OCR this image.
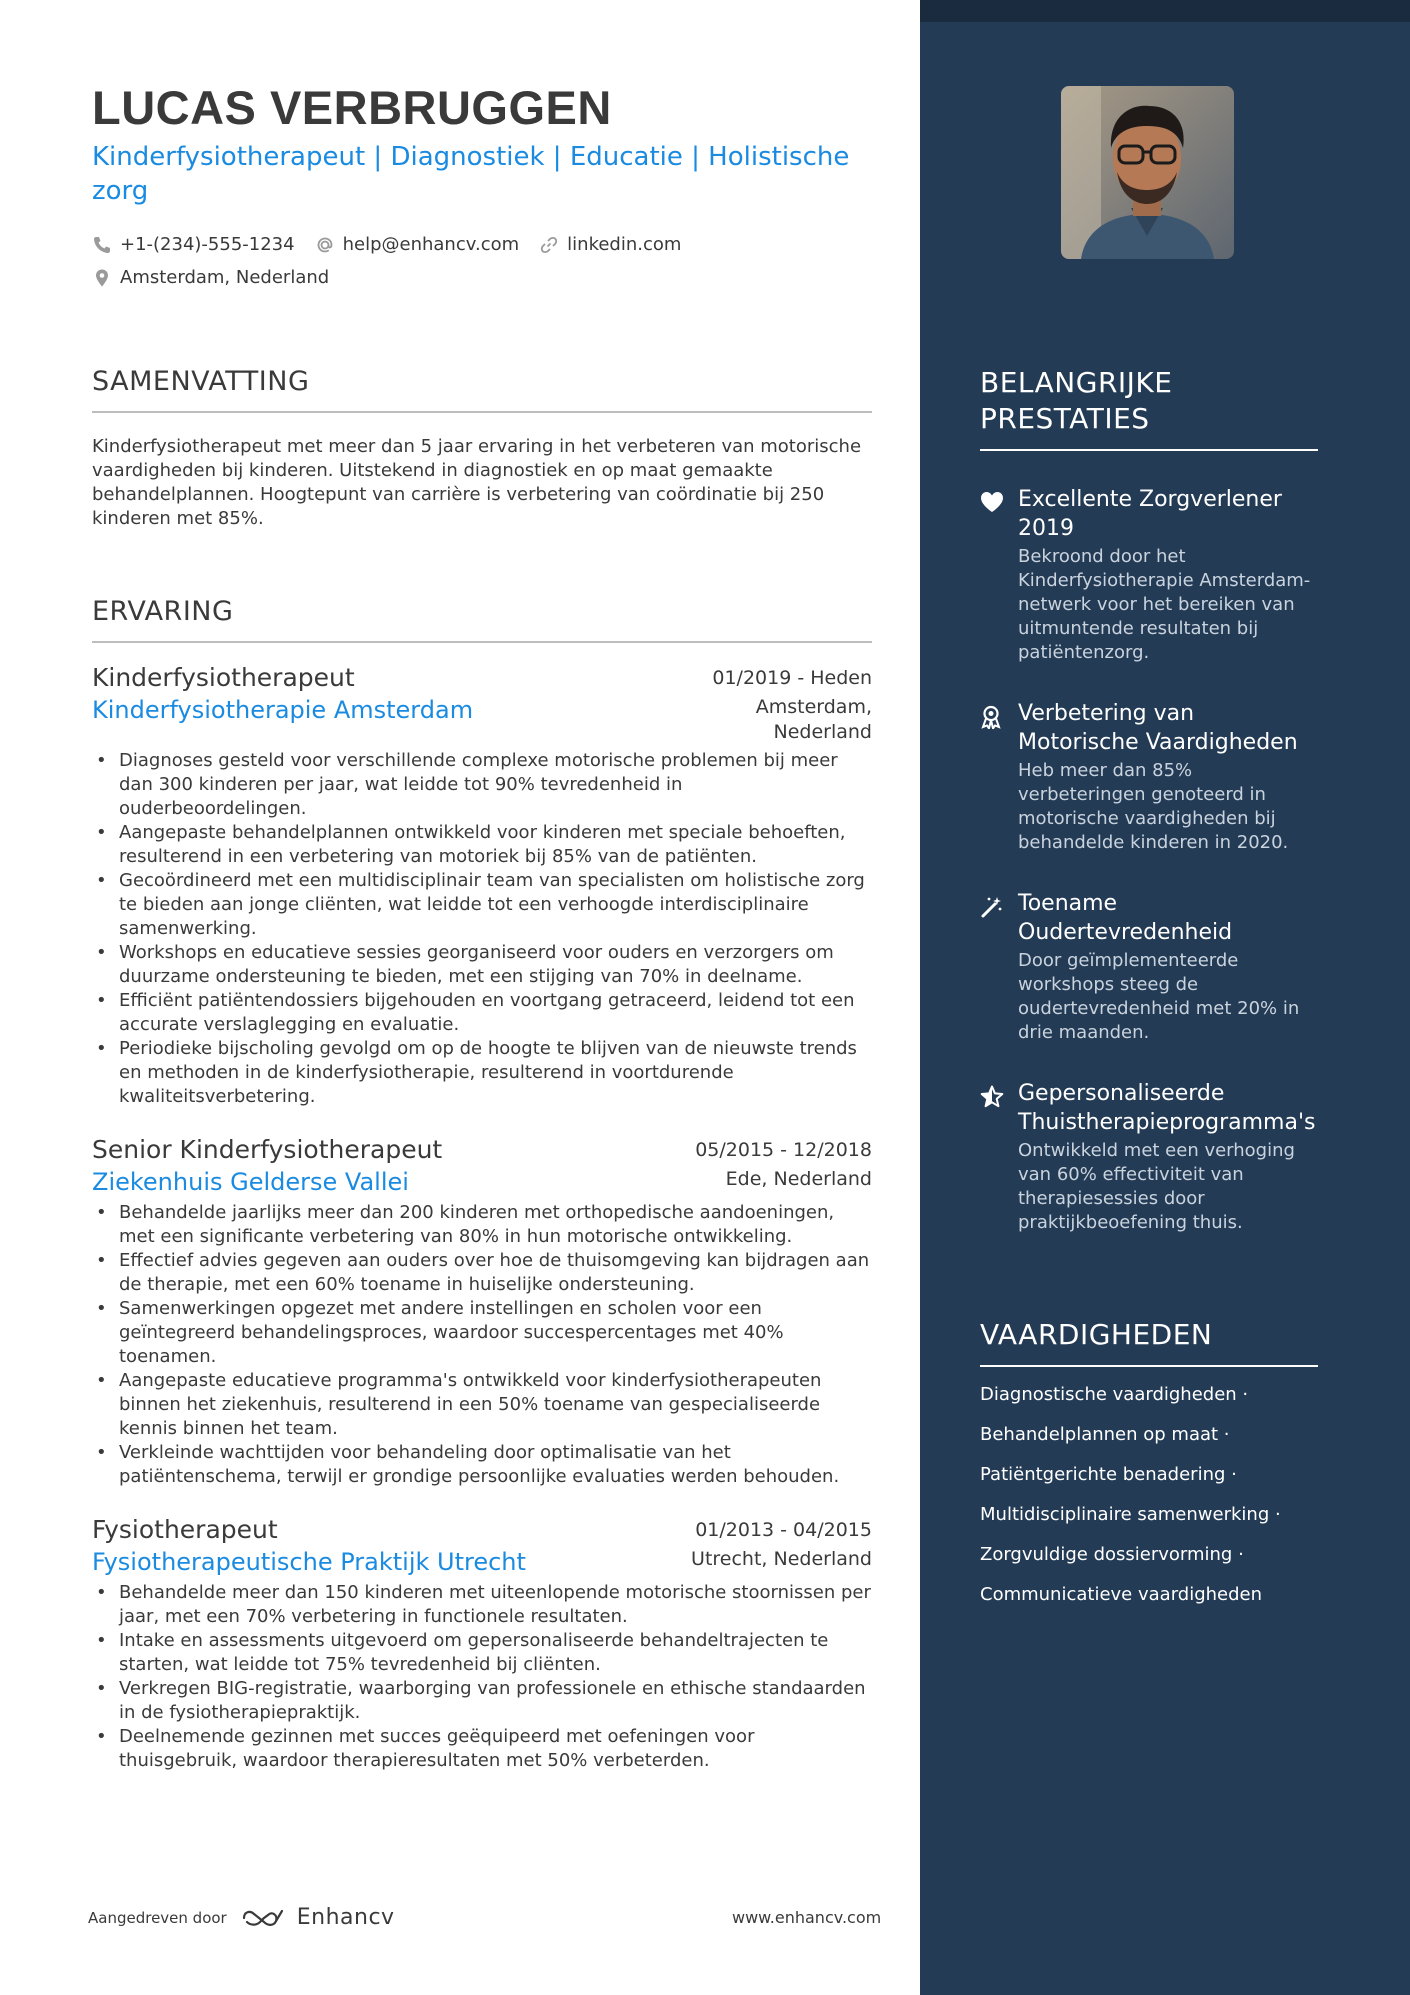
LUCAS VERBRUGGEN
Kinderfysiotherapeut | Diagnostiek | Educatie | Holistische zorg
+1-(234)-555-1234	help@enhancv.com	linkedin.com
Amsterdam, Nederland
SAMENVATTING
Kinderfysiotherapeut met meer dan 5 jaar ervaring in het verbeteren van motorische vaardigheden bij kinderen. Uitstekend in diagnostiek en op maat gemaakte behandelplannen. Hoogtepunt van carrière is verbetering van coördinatie bij 250 kinderen met 85%.
ERVARING
Kinderfysiotherapeut	01/2019 - Heden
Kinderfysiotherapie Amsterdam	Amsterdam, Nederland
• Diagnoses gesteld voor verschillende complexe motorische problemen bij meer dan 300 kinderen per jaar, wat leidde tot 90% tevredenheid in ouderbeoordelingen.
• Aangepaste behandelplannen ontwikkeld voor kinderen met speciale behoeften, resulterend in een verbetering van motoriek bij 85% van de patiënten.
• Gecoördineerd met een multidisciplinair team van specialisten om holistische zorg te bieden aan jonge cliënten, wat leidde tot een verhoogde interdisciplinaire samenwerking.
• Workshops en educatieve sessies georganiseerd voor ouders en verzorgers om duurzame ondersteuning te bieden, met een stijging van 70% in deelname.
• Efficiënt patiëntendossiers bijgehouden en voortgang getraceerd, leidend tot een accurate verslaglegging en evaluatie.
• Periodieke bijscholing gevolgd om op de hoogte te blijven van de nieuwste trends en methoden in de kinderfysiotherapie, resulterend in voortdurende kwaliteitsverbetering.
Senior Kinderfysiotherapeut	05/2015 - 12/2018
Ziekenhuis Gelderse Vallei	Ede, Nederland
• Behandelde jaarlijks meer dan 200 kinderen met orthopedische aandoeningen, met een significante verbetering van 80% in hun motorische ontwikkeling.
• Effectief advies gegeven aan ouders over hoe de thuisomgeving kan bijdragen aan de therapie, met een 60% toename in huiselijke ondersteuning.
• Samenwerkingen opgezet met andere instellingen en scholen voor een geïntegreerd behandelingsproces, waardoor succespercentages met 40% toenamen.
• Aangepaste educatieve programma's ontwikkeld voor kinderfysiotherapeuten binnen het ziekenhuis, resulterend in een 50% toename van gespecialiseerde kennis binnen het team.
• Verkleinde wachttijden voor behandeling door optimalisatie van het patiëntenschema, terwijl er grondige persoonlijke evaluaties werden behouden.
Fysiotherapeut	01/2013 - 04/2015
Fysiotherapeutische Praktijk Utrecht	Utrecht, Nederland
• Behandelde meer dan 150 kinderen met uiteenlopende motorische stoornissen per jaar, met een 70% verbetering in functionele resultaten.
• Intake en assessments uitgevoerd om gepersonaliseerde behandeltrajecten te starten, wat leidde tot 75% tevredenheid bij cliënten.
• Verkregen BIG-registratie, waarborging van professionele en ethische standaarden in de fysiotherapiepraktijk.
• Deelnemende gezinnen met succes geëquipeerd met oefeningen voor thuisgebruik, waardoor therapieresultaten met 50% verbeterden.
BELANGRIJKE PRESTATIES
Excellente Zorgverlener 2019
Bekroond door het Kinderfysiotherapie Amsterdam-netwerk voor het bereiken van uitmuntende resultaten bij patiëntenzorg.
Verbetering van Motorische Vaardigheden
Heb meer dan 85% verbeteringen genoteerd in motorische vaardigheden bij behandelde kinderen in 2020.
Toename Oudertevredenheid
Door geïmplementeerde workshops steeg de oudertevredenheid met 20% in drie maanden.
Gepersonaliseerde Thuistherapieprogramma's
Ontwikkeld met een verhoging van 60% effectiviteit van therapiesessies door praktijkbeoefening thuis.
VAARDIGHEDEN
Diagnostische vaardigheden ·
Behandelplannen op maat ·
Patiëntgerichte benadering ·
Multidisciplinaire samenwerking ·
Zorgvuldige dossiervorming ·
Communicatieve vaardigheden
Aangedreven door	Enhancv	www.enhancv.com
